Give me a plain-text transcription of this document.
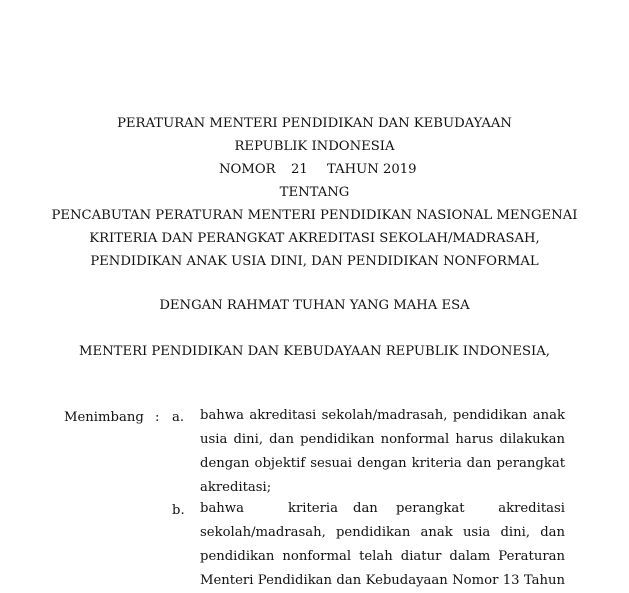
PERATURAN MENTERI PENDIDIKAN DAN KEBUDAYAAN
REPUBLIK INDONESIA
NOMOR 21 TAHUN 2019
TENTANG
PENCABUTAN PERATURAN MENTERI PENDIDIKAN NASIONAL MENGENAI
KRITERIA DAN PERANGKAT AKREDITASI SEKOLAH/MADRASAH,
PENDIDIKAN ANAK USIA DINI, DAN PENDIDIKAN NONFORMAL
DENGAN RAHMAT TUHAN YANG MAHA ESA
MENTERI PENDIDIKAN DAN KEBUDAYAAN REPUBLIK INDONESIA,
Menimbang : a. bahwa akreditasi sekolah/madrasah, pendidikan anak
usia dini, dan pendidikan nonformal harus dilakukan
dengan objektif sesuai dengan kriteria dan perangkat
akreditasi;
b. bahwa	kriteria dan perangkat	akreditasi
sekolah/madrasah, pendidikan anak usia dini, dan
pendidikan nonformal telah diatur dalam Peraturan
Menteri Pendidikan dan Kebudayaan Nomor 13 Tahun
